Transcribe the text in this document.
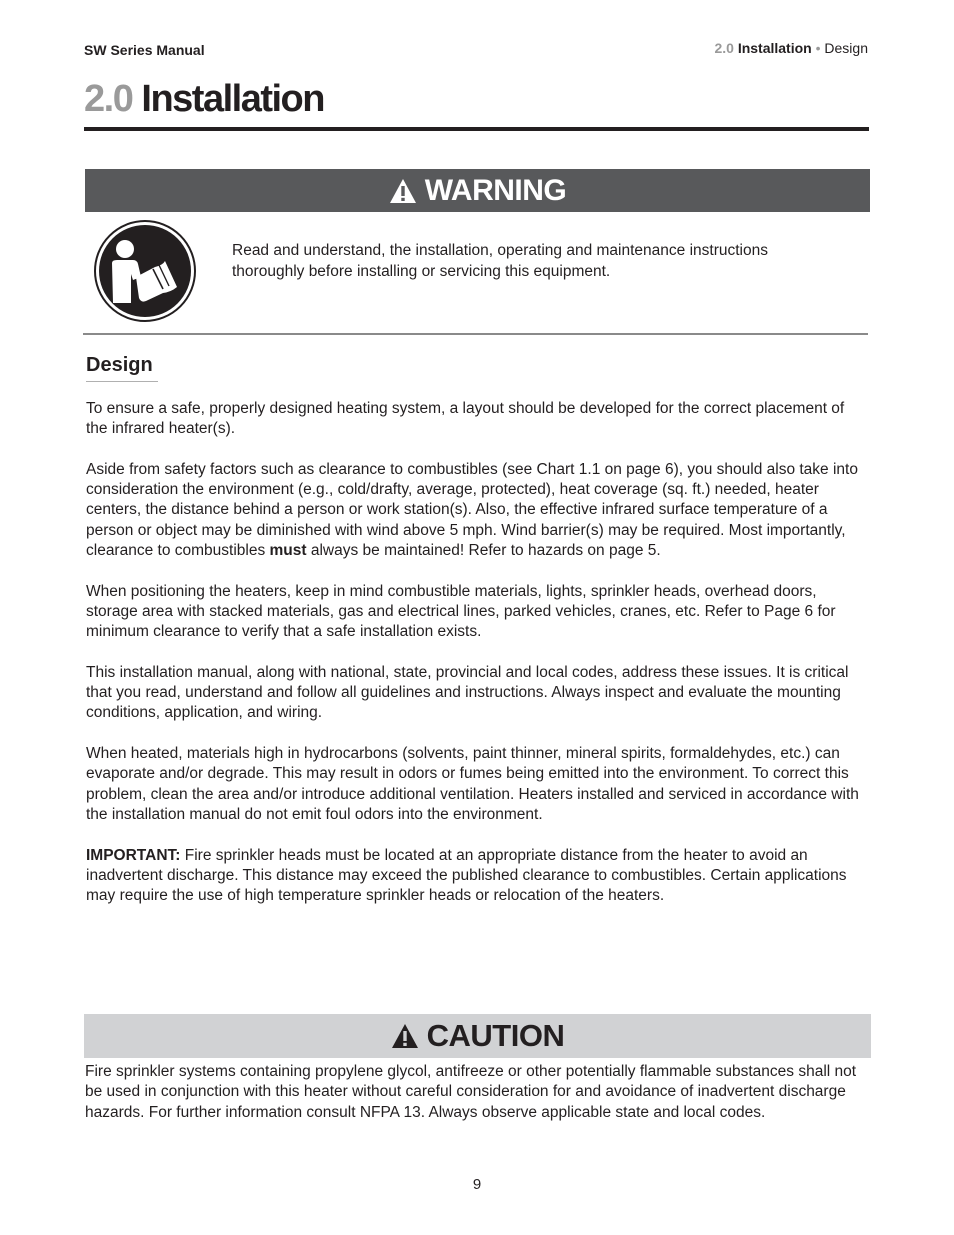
SW Series Manual	2.0 Installation • Design
2.0 Installation
WARNING
Read and understand, the installation, operating and maintenance instructions thoroughly before installing or servicing this equipment.
Design

To ensure a safe, properly designed heating system, a layout should be developed for the correct placement of the infrared heater(s).

Aside from safety factors such as clearance to combustibles (see Chart 1.1 on page 6), you should also take into consideration the environment (e.g., cold/drafty, average, protected), heat coverage (sq. ft.) needed, heater centers, the distance behind a person or work station(s). Also, the effective infrared surface temperature of a person or object may be diminished with wind above 5 mph. Wind barrier(s) may be required. Most importantly, clearance to combustibles must always be maintained! Refer to hazards on page 5.

When positioning the heaters, keep in mind combustible materials, lights, sprinkler heads, overhead doors, storage area with stacked materials, gas and electrical lines, parked vehicles, cranes, etc. Refer to Page 6 for minimum clearance to verify that a safe installation exists.

This installation manual, along with national, state, provincial and local codes, address these issues. It is critical that you read, understand and follow all guidelines and instructions. Always inspect and evaluate the mounting conditions, application, and wiring.

When heated, materials high in hydrocarbons (solvents, paint thinner, mineral spirits, formaldehydes, etc.) can evaporate and/or degrade. This may result in odors or fumes being emitted into the environment. To correct this problem, clean the area and/or introduce additional ventilation. Heaters installed and serviced in accordance with the installation manual do not emit foul odors into the environment.

IMPORTANT: Fire sprinkler heads must be located at an appropriate distance from the heater to avoid an inadvertent discharge. This distance may exceed the published clearance to combustibles. Certain applications may require the use of high temperature sprinkler heads or relocation of the heaters.

CAUTION
Fire sprinkler systems containing propylene glycol, antifreeze or other potentially flammable substances shall not be used in conjunction with this heater without careful consideration for and avoidance of inadvertent discharge hazards. For further information consult NFPA 13. Always observe applicable state and local codes.
9
